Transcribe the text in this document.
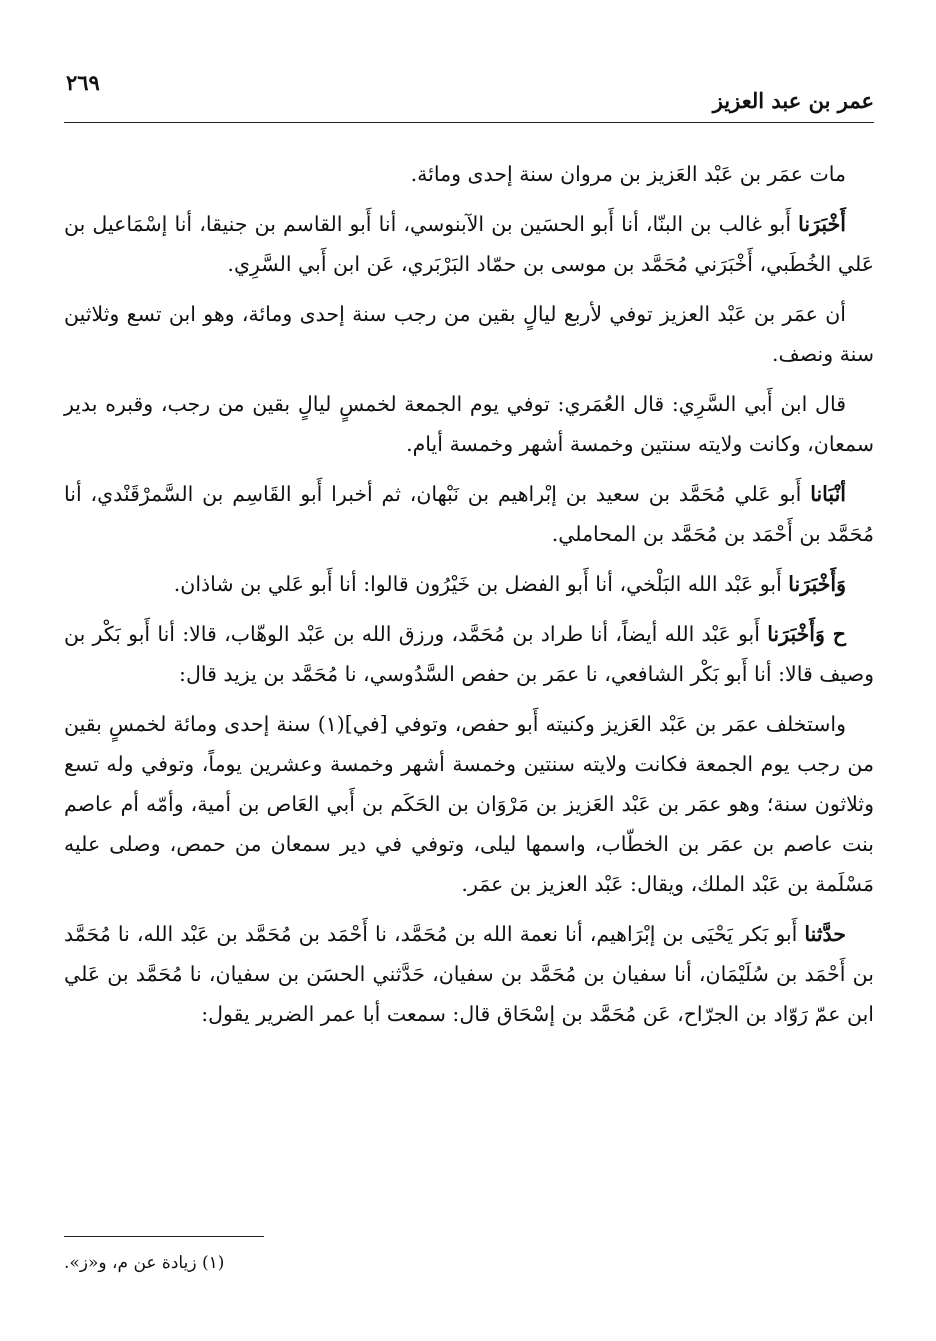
عمر بن عبد العزيز
٢٦٩

مات عمَر بن عَبْد العَزيز بن مروان سنة إحدى ومائة.

أَخْبَرَنا أَبو غالب بن البنّا، أنا أَبو الحسَين بن الآبنوسي، أنا أَبو القاسم بن جنيقا، أنا إسْمَاعيل بن عَلي الخُطَبي، أَخْبَرَني مُحَمَّد بن موسى بن حمّاد البَرْبَري، عَن ابن أَبي السَّرِي.

أن عمَر بن عَبْد العزيز توفي لأربع ليالٍ بقين من رجب سنة إحدى ومائة، وهو ابن تسع وثلاثين سنة ونصف.

قال ابن أَبي السَّرِي: قال العُمَري: توفي يوم الجمعة لخمسٍ ليالٍ بقين من رجب، وقبره بدير سمعان، وكانت ولايته سنتين وخمسة أشهر وخمسة أيام.

أنْبَانا أَبو عَلي مُحَمَّد بن سعيد بن إبْراهيم بن نَبْهان، ثم أخبرا أَبو القَاسِم بن السَّمرْقَنْدي، أنا مُحَمَّد بن أَحْمَد بن مُحَمَّد بن المحاملي.

وَأَخْبَرَنا أَبو عَبْد الله البَلْخي، أنا أَبو الفضل بن خَيْرُون قالوا: أنا أَبو عَلي بن شاذان.

ح وَأَخْبَرَنا أَبو عَبْد الله أيضاً، أنا طراد بن مُحَمَّد، ورزق الله بن عَبْد الوهّاب، قالا: أنا أَبو بَكْر بن وصيف قالا: أنا أَبو بَكْر الشافعي، نا عمَر بن حفص السَّدُوسي، نا مُحَمَّد بن يزيد قال:

واستخلف عمَر بن عَبْد العَزيز وكنيته أَبو حفص، وتوفي [في](١) سنة إحدى ومائة لخمسٍ بقين من رجب يوم الجمعة فكانت ولايته سنتين وخمسة أشهر وخمسة وعشرين يوماً، وتوفي وله تسع وثلاثون سنة؛ وهو عمَر بن عَبْد العَزيز بن مَرْوَان بن الحَكَم بن أَبي العَاص بن أمية، وأمّه أم عاصم بنت عاصم بن عمَر بن الخطّاب، واسمها ليلى، وتوفي في دير سمعان من حمص، وصلى عليه مَسْلَمة بن عَبْد الملك، ويقال: عَبْد العزيز بن عمَر.

حدَّثنا أَبو بَكر يَحْيَى بن إبْرَاهيم، أنا نعمة الله بن مُحَمَّد، نا أَحْمَد بن مُحَمَّد بن عَبْد الله، نا مُحَمَّد بن أَحْمَد بن سُلَيْمَان، أنا سفيان بن مُحَمَّد بن سفيان، حَدَّثني الحسَن بن سفيان، نا مُحَمَّد بن عَلي ابن عمّ رَوّاد بن الجرّاح، عَن مُحَمَّد بن إسْحَاق قال: سمعت أبا عمر الضرير يقول:

(١) زيادة عن م، و«ز».
